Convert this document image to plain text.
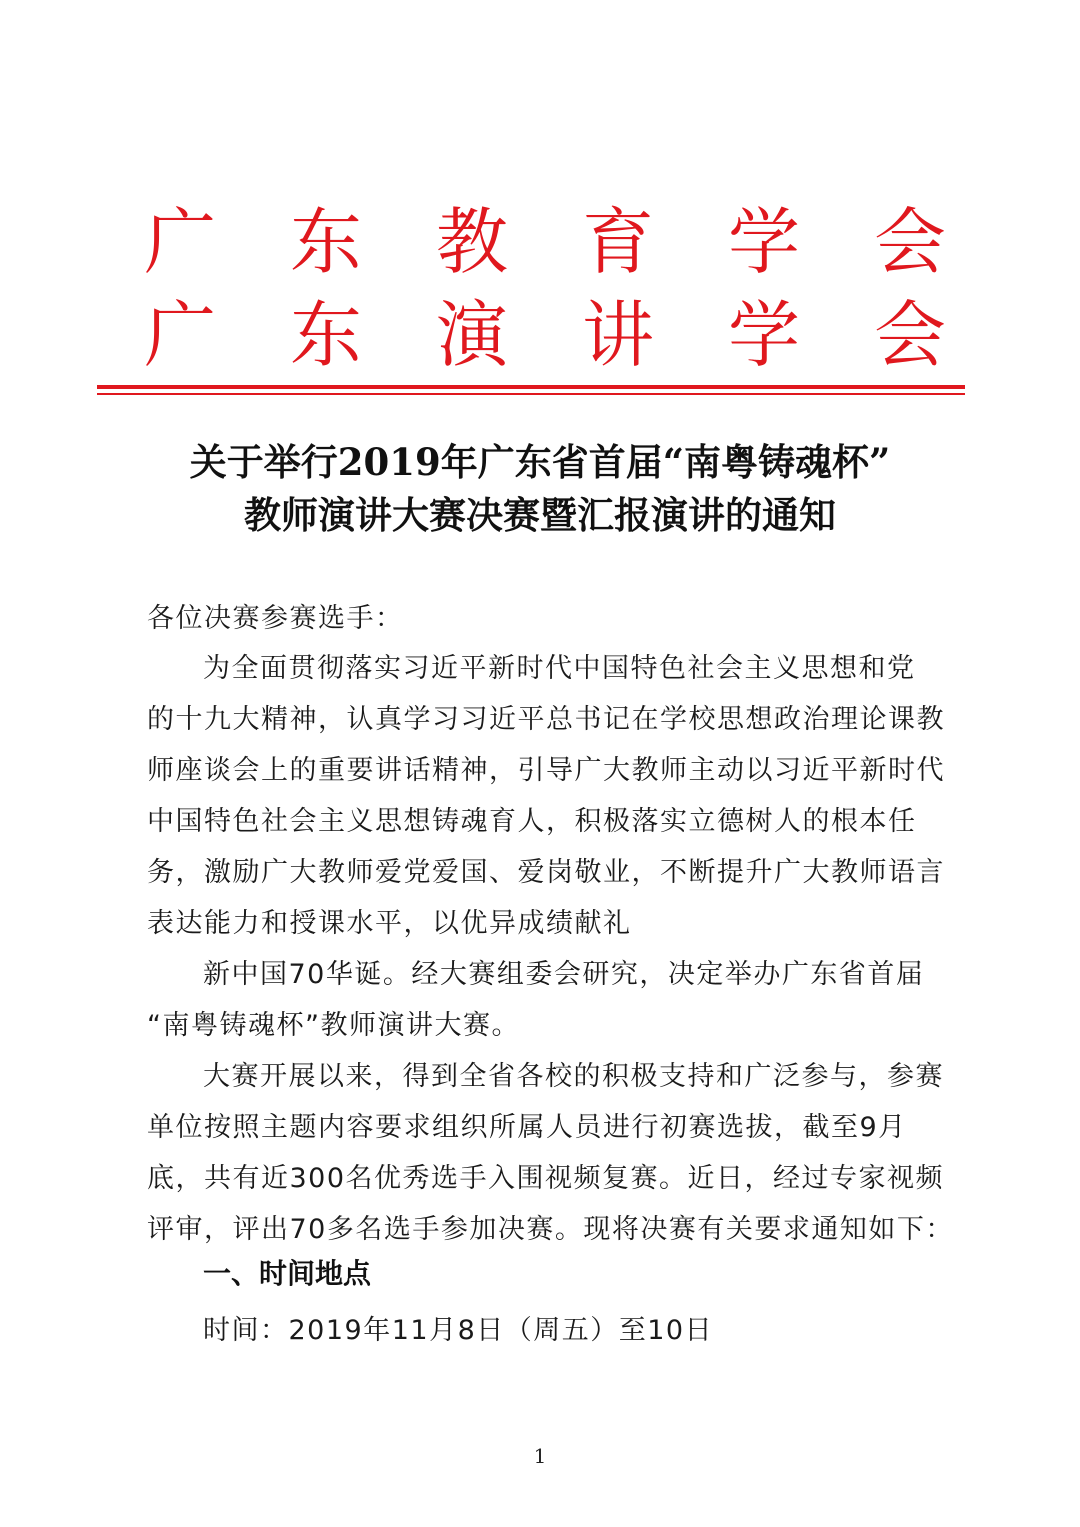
广 东 教 育 学 会
广 东 演 讲 学 会
关于举行2019年广东省首届“南粤铸魂杯”
教师演讲大赛决赛暨汇报演讲的通知
各位决赛参赛选手：
为全面贯彻落实习近平新时代中国特色社会主义思想和党
的十九大精神，认真学习习近平总书记在学校思想政治理论课教
师座谈会上的重要讲话精神，引导广大教师主动以习近平新时代
中国特色社会主义思想铸魂育人，积极落实立德树人的根本任
务，激励广大教师爱党爱国、爱岗敬业，不断提升广大教师语言
表达能力和授课水平，以优异成绩献礼
新中国70华诞。经大赛组委会研究，决定举办广东省首届
“南粤铸魂杯”教师演讲大赛。
大赛开展以来，得到全省各校的积极支持和广泛参与，参赛
单位按照主题内容要求组织所属人员进行初赛选拔，截至9月
底，共有近300名优秀选手入围视频复赛。近日，经过专家视频
评审，评出70多名选手参加决赛。现将决赛有关要求通知如下：
一、时间地点
时间：2019年11月8日（周五）至10日
1
